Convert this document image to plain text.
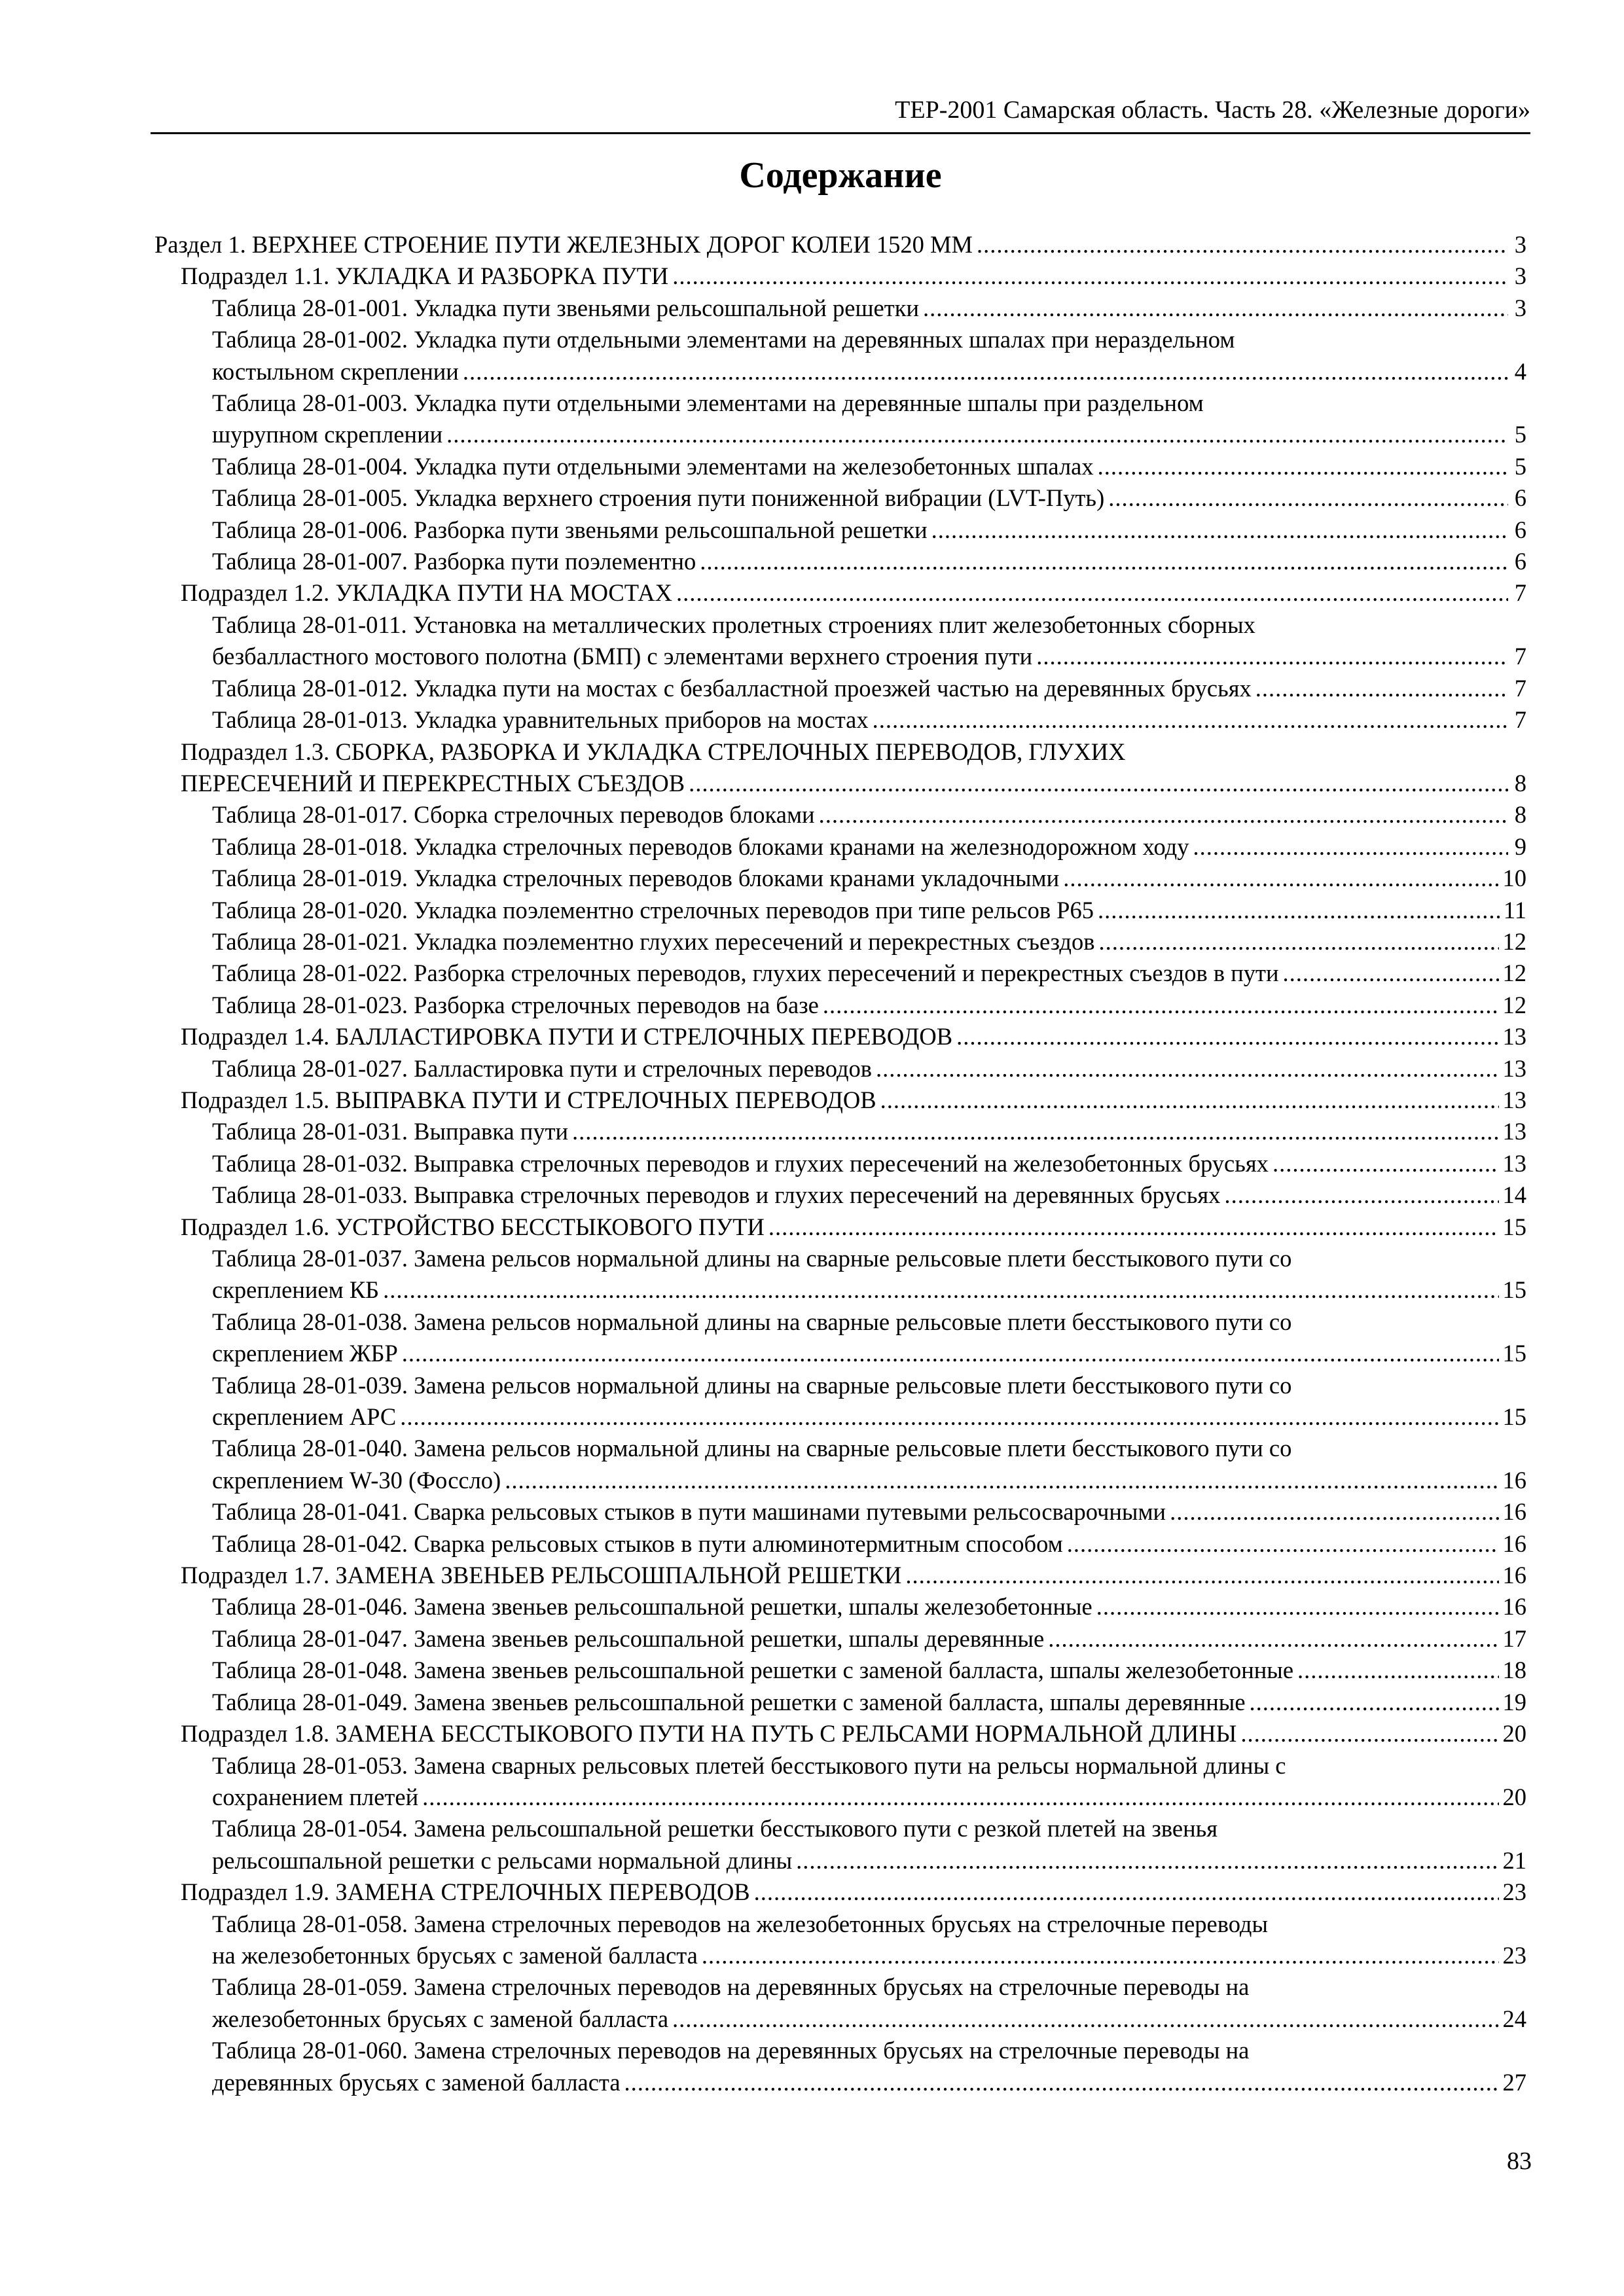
ТЕР-2001 Самарская область. Часть 28. «Железные дороги»
Содержание
Раздел 1. ВЕРХНЕЕ СТРОЕНИЕ ПУТИ ЖЕЛЕЗНЫХ ДОРОГ КОЛЕИ 1520 ММ .....	3
Подраздел 1.1. УКЛАДКА И РАЗБОРКА ПУТИ .....	3
Таблица 28-01-001. Укладка пути звеньями рельсошпальной решетки .....	3
Таблица 28-01-002. Укладка пути отдельными элементами на деревянных шпалах при нераздельном
костыльном скреплении .....	4
Таблица 28-01-003. Укладка пути отдельными элементами на деревянные шпалы при раздельном
шурупном скреплении .....	5
Таблица 28-01-004. Укладка пути отдельными элементами на железобетонных шпалах .....	5
Таблица 28-01-005. Укладка верхнего строения пути пониженной вибрации (LVT-Путь) .....	6
Таблица 28-01-006. Разборка пути звеньями рельсошпальной решетки .....	6
Таблица 28-01-007. Разборка пути поэлементно .....	6
Подраздел 1.2. УКЛАДКА ПУТИ НА МОСТАХ .....	7
Таблица 28-01-011. Установка на металлических пролетных строениях плит железобетонных сборных
безбалластного мостового полотна (БМП) с элементами верхнего строения пути .....	7
Таблица 28-01-012. Укладка пути на мостах с безбалластной проезжей частью на деревянных брусьях .....	7
Таблица 28-01-013. Укладка уравнительных приборов на мостах .....	7
Подраздел 1.3. СБОРКА, РАЗБОРКА И УКЛАДКА СТРЕЛОЧНЫХ ПЕРЕВОДОВ, ГЛУХИХ
ПЕРЕСЕЧЕНИЙ И ПЕРЕКРЕСТНЫХ СЪЕЗДОВ .....	8
Таблица 28-01-017. Сборка стрелочных переводов блоками .....	8
Таблица 28-01-018. Укладка стрелочных переводов блоками кранами на железнодорожном ходу .....	9
Таблица 28-01-019. Укладка стрелочных переводов блоками кранами укладочными .....	10
Таблица 28-01-020. Укладка поэлементно стрелочных переводов при типе рельсов Р65 .....	11
Таблица 28-01-021. Укладка поэлементно глухих пересечений и перекрестных съездов .....	12
Таблица 28-01-022. Разборка стрелочных переводов, глухих пересечений и перекрестных съездов в пути .....	12
Таблица 28-01-023. Разборка стрелочных переводов на базе .....	12
Подраздел 1.4. БАЛЛАСТИРОВКА ПУТИ И СТРЕЛОЧНЫХ ПЕРЕВОДОВ .....	13
Таблица 28-01-027. Балластировка пути и стрелочных переводов .....	13
Подраздел 1.5. ВЫПРАВКА ПУТИ И СТРЕЛОЧНЫХ ПЕРЕВОДОВ .....	13
Таблица 28-01-031. Выправка пути .....	13
Таблица 28-01-032. Выправка стрелочных переводов и глухих пересечений на железобетонных брусьях .....	13
Таблица 28-01-033. Выправка стрелочных переводов и глухих пересечений на деревянных брусьях .....	14
Подраздел 1.6. УСТРОЙСТВО БЕССТЫКОВОГО ПУТИ .....	15
Таблица 28-01-037. Замена рельсов нормальной длины на сварные рельсовые плети бесстыкового пути со
скреплением КБ .....	15
Таблица 28-01-038. Замена рельсов нормальной длины на сварные рельсовые плети бесстыкового пути со
скреплением ЖБР .....	15
Таблица 28-01-039. Замена рельсов нормальной длины на сварные рельсовые плети бесстыкового пути со
скреплением АРС .....	15
Таблица 28-01-040. Замена рельсов нормальной длины на сварные рельсовые плети бесстыкового пути со
скреплением W-30 (Фоссло) .....	16
Таблица 28-01-041. Сварка рельсовых стыков в пути машинами путевыми рельсосварочными .....	16
Таблица 28-01-042. Сварка рельсовых стыков в пути алюминотермитным способом .....	16
Подраздел 1.7. ЗАМЕНА ЗВЕНЬЕВ РЕЛЬСОШПАЛЬНОЙ РЕШЕТКИ .....	16
Таблица 28-01-046. Замена звеньев рельсошпальной решетки, шпалы железобетонные .....	16
Таблица 28-01-047. Замена звеньев рельсошпальной решетки, шпалы деревянные .....	17
Таблица 28-01-048. Замена звеньев рельсошпальной решетки с заменой балласта, шпалы железобетонные .....	18
Таблица 28-01-049. Замена звеньев рельсошпальной решетки с заменой балласта, шпалы деревянные .....	19
Подраздел 1.8. ЗАМЕНА БЕССТЫКОВОГО ПУТИ НА ПУТЬ С РЕЛЬСАМИ НОРМАЛЬНОЙ ДЛИНЫ .....	20
Таблица 28-01-053. Замена сварных рельсовых плетей бесстыкового пути на рельсы нормальной длины с
сохранением плетей .....	20
Таблица 28-01-054. Замена рельсошпальной решетки бесстыкового пути с резкой плетей на звенья
рельсошпальной решетки с рельсами нормальной длины .....	21
Подраздел 1.9. ЗАМЕНА СТРЕЛОЧНЫХ ПЕРЕВОДОВ .....	23
Таблица 28-01-058. Замена стрелочных переводов на железобетонных брусьях на стрелочные переводы
на железобетонных брусьях с заменой балласта .....	23
Таблица 28-01-059. Замена стрелочных переводов на деревянных брусьях на стрелочные переводы на
железобетонных брусьях с заменой балласта .....	24
Таблица 28-01-060. Замена стрелочных переводов на деревянных брусьях на стрелочные переводы на
деревянных брусьях с заменой балласта .....	27
83
